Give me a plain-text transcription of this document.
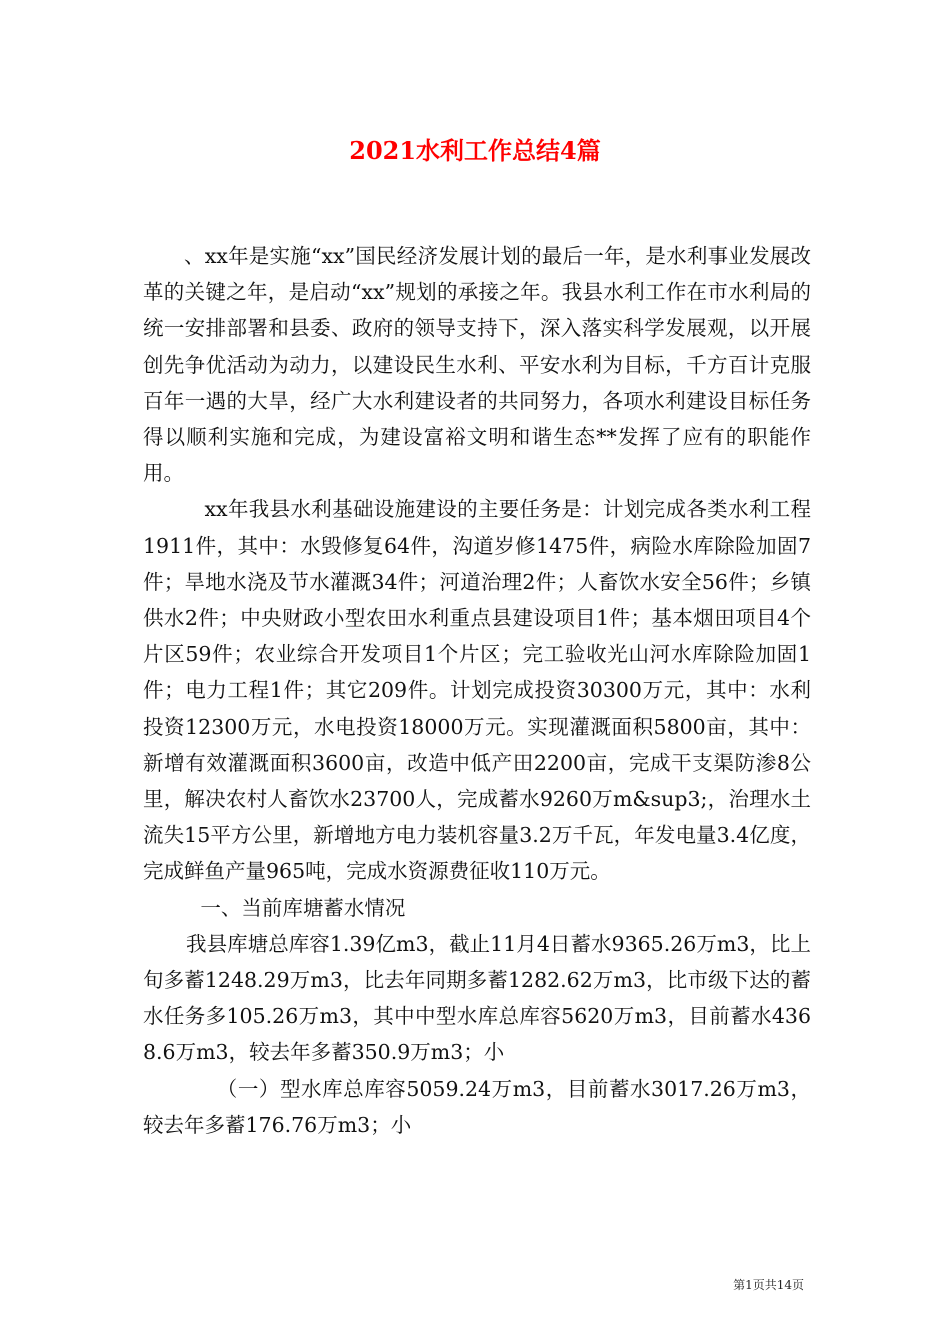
2021水利工作总结4篇

、xx年是实施“xx”国民经济发展计划的最后一年，是水利事业发展改革的关键之年，是启动“xx”规划的承接之年。我县水利工作在市水利局的统一安排部署和县委、政府的领导支持下，深入落实科学发展观，以开展创先争优活动为动力，以建设民生水利、平安水利为目标，千方百计克服百年一遇的大旱，经广大水利建设者的共同努力，各项水利建设目标任务得以顺利实施和完成，为建设富裕文明和谐生态**发挥了应有的职能作用。

xx年我县水利基础设施建设的主要任务是：计划完成各类水利工程1911件，其中：水毁修复64件，沟道岁修1475件，病险水库除险加固7件；旱地水浇及节水灌溉34件；河道治理2件；人畜饮水安全56件；乡镇供水2件；中央财政小型农田水利重点县建设项目1件；基本烟田项目4个片区59件；农业综合开发项目1个片区；完工验收光山河水库除险加固1件；电力工程1件；其它209件。计划完成投资30300万元，其中：水利投资12300万元，水电投资18000万元。实现灌溉面积5800亩，其中：新增有效灌溉面积3600亩，改造中低产田2200亩，完成干支渠防渗8公里，解决农村人畜饮水23700人，完成蓄水9260万m&sup3;，治理水土流失15平方公里，新增地方电力装机容量3.2万千瓦，年发电量3.4亿度，完成鲜鱼产量965吨，完成水资源费征收110万元。

一、当前库塘蓄水情况

我县库塘总库容1.39亿m3，截止11月4日蓄水9365.26万m3，比上旬多蓄1248.29万m3，比去年同期多蓄1282.62万m3，比市级下达的蓄水任务多105.26万m3，其中中型水库总库容5620万m3，目前蓄水4368.6万m3，较去年多蓄350.9万m3；小

（一）型水库总库容5059.24万m3，目前蓄水3017.26万m3，较去年多蓄176.76万m3；小

第1页共14页
